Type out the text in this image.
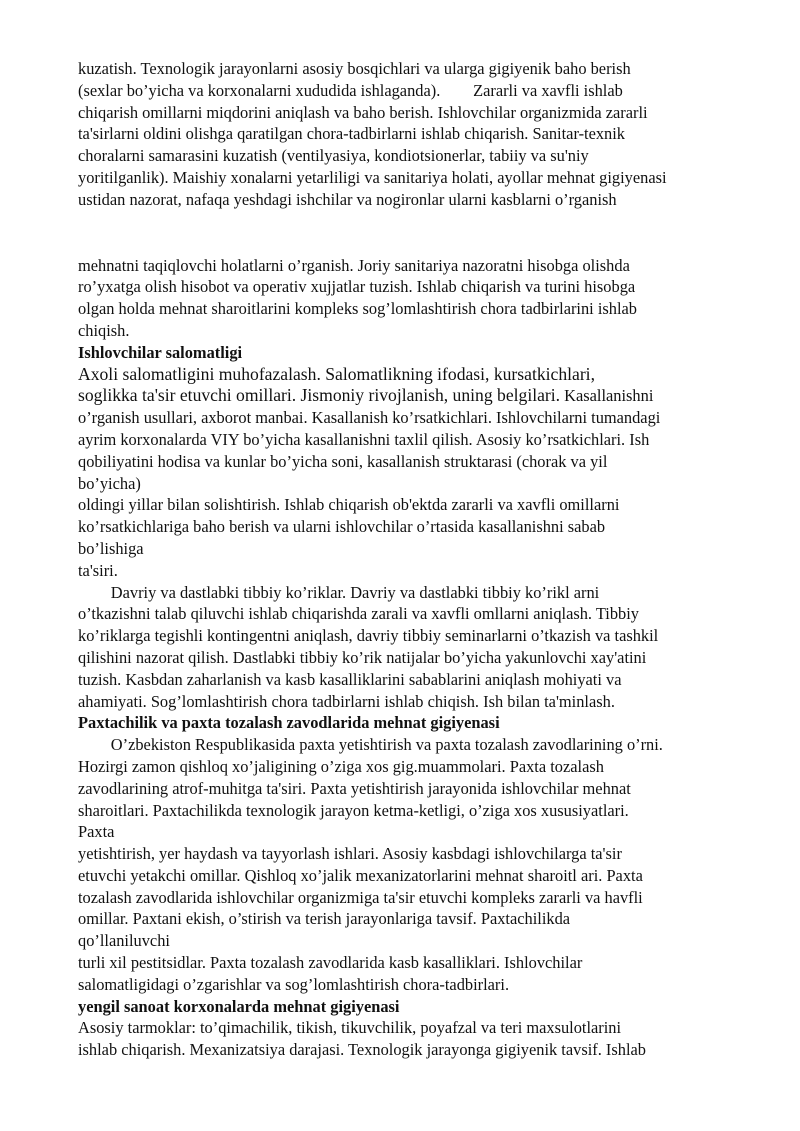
kuzatish. Texnologik jarayonlarni asosiy bosqichlari va ularga gigiyenik baho berish
(sexlar bo’yicha va korxonalarni xududida ishlaganda).        Zararli va xavfli ishlab
chiqarish omillarni miqdorini aniqlash va baho berish. Ishlovchilar organizmida zararli
ta'sirlarni oldini olishga qaratilgan chora-tadbirlarni ishlab chiqarish. Sanitar-texnik
choralarni samarasini kuzatish (ventilyasiya, kondiotsionerlar, tabiiy va su'niy
yoritilganlik). Maishiy xonalarni yetarliligi va sanitariya holati, ayollar mehnat gigiyenasi
ustidan nazorat, nafaqa yeshdagi ishchilar va nogironlar ularni kasblarni o’rganish
mehnatni taqiqlovchi holatlarni o’rganish. Joriy sanitariya nazoratni hisobga olishda
ro’yxatga olish hisobot va operativ xujjatlar tuzish. Ishlab chiqarish va turini hisobga
olgan holda mehnat sharoitlarini kompleks sog’lomlashtirish chora tadbirlarini ishlab
chiqish.
Ishlovchilar salomatligi
Axoli salomatligini muhofazalash. Salomatlikning ifodasi, kursatkichlari,
soglikka ta'sir etuvchi omillari. Jismoniy rivojlanish, uning belgilari. Kasallanishni
o’rganish usullari, axborot manbai. Kasallanish ko’rsatkichlari. Ishlovchilarni tumandagi
ayrim korxonalarda VIY bo’yicha kasallanishni taxlil qilish. Asosiy ko’rsatkichlari. Ish
qobiliyatini hodisa va kunlar bo’yicha soni, kasallanish struktarasi (chorak va yil
bo’yicha)
oldingi yillar bilan solishtirish. Ishlab chiqarish ob'ektda zararli va xavfli omillarni
ko’rsatkichlariga baho berish va ularni ishlovchilar o’rtasida kasallanishni sabab
bo’lishiga
ta'siri.
Davriy va dastlabki tibbiy ko’riklar. Davriy va dastlabki tibbiy ko’rikl arni
o’tkazishni talab qiluvchi ishlab chiqarishda zarali va xavfli omllarni aniqlash. Tibbiy
ko’riklarga tegishli kontingentni aniqlash, davriy tibbiy seminarlarni o’tkazish va tashkil
qilishini nazorat qilish. Dastlabki tibbiy ko’rik natijalar bo’yicha yakunlovchi xay'atini
tuzish. Kasbdan zaharlanish va kasb kasalliklarini sabablarini aniqlash mohiyati va
ahamiyati. Sog’lomlashtirish chora tadbirlarni ishlab chiqish. Ish bilan ta'minlash.
Paxtachilik va paxta tozalash zavodlarida mehnat gigiyenasi
O’zbekiston Respublikasida paxta yetishtirish va paxta tozalash zavodlarining o’rni.
Hozirgi zamon qishloq xo’jaligining o’ziga xos gig.muammolari. Paxta tozalash
zavodlarining atrof-muhitga ta'siri. Paxta yetishtirish jarayonida ishlovchilar mehnat
sharoitlari. Paxtachilikda texnologik jarayon ketma-ketligi, o’ziga xos xususiyatlari.
Paxta
yetishtirish, yer haydash va tayyorlash ishlari. Asosiy kasbdagi ishlovchilarga ta'sir
etuvchi yetakchi omillar. Qishloq xo’jalik mexanizatorlarini mehnat sharoitl ari. Paxta
tozalash zavodlarida ishlovchilar organizmiga ta'sir etuvchi kompleks zararli va havfli
omillar. Paxtani ekish, o’stirish va terish jarayonlariga tavsif. Paxtachilikda
qo’llaniluvchi
turli xil pestitsidlar. Paxta tozalash zavodlarida kasb kasalliklari. Ishlovchilar
salomatligidagi o’zgarishlar va sog’lomlashtirish chora-tadbirlari.
yengil sanoat korxonalarda mehnat gigiyenasi
Asosiy tarmoklar: to’qimachilik, tikish, tikuvchilik, poyafzal va teri maxsulotlarini
ishlab chiqarish. Mexanizatsiya darajasi. Texnologik jarayonga gigiyenik tavsif. Ishlab
